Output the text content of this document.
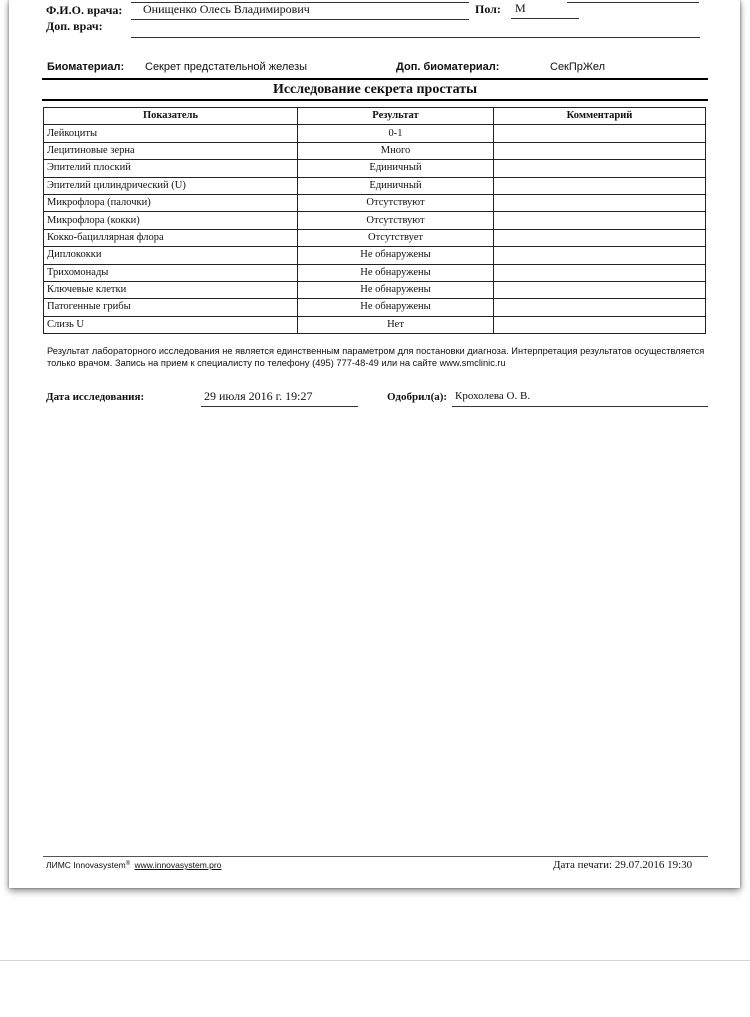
Ф.И.О. врача: Онищенко Олесь Владимирович	Пол: М
Доп. врач:
Биоматериал: Секрет предстательной железы	Доп. биоматериал:	СекПрЖел
Исследование секрета простаты
Показатель	Результат	Комментарий
Лейкоциты	0-1	
Лецитиновые зерна	Много	
Эпителий плоский	Единичный	
Эпителий цилиндрический (U)	Единичный	
Микрофлора (палочки)	Отсутствуют	
Микрофлора (кокки)	Отсутствуют	
Кокко-бациллярная флора	Отсутствует	
Диплококки	Не обнаружены	
Трихомонады	Не обнаружены	
Ключевые клетки	Не обнаружены	
Патогенные грибы	Не обнаружены	
Слизь U	Нет	
Результат лабораторного исследования не является единственным параметром для постановки диагноза. Интерпретация результатов осуществляется только врачом. Запись на прием к специалисту по телефону (495) 777-48-49 или на сайте www.smclinic.ru
Дата исследования:	29 июля 2016 г. 19:27	Одобрил(а): Крохолева О. В.
ЛИМС Innovasystem® www.innovasystem.pro	Дата печати: 29.07.2016 19:30
